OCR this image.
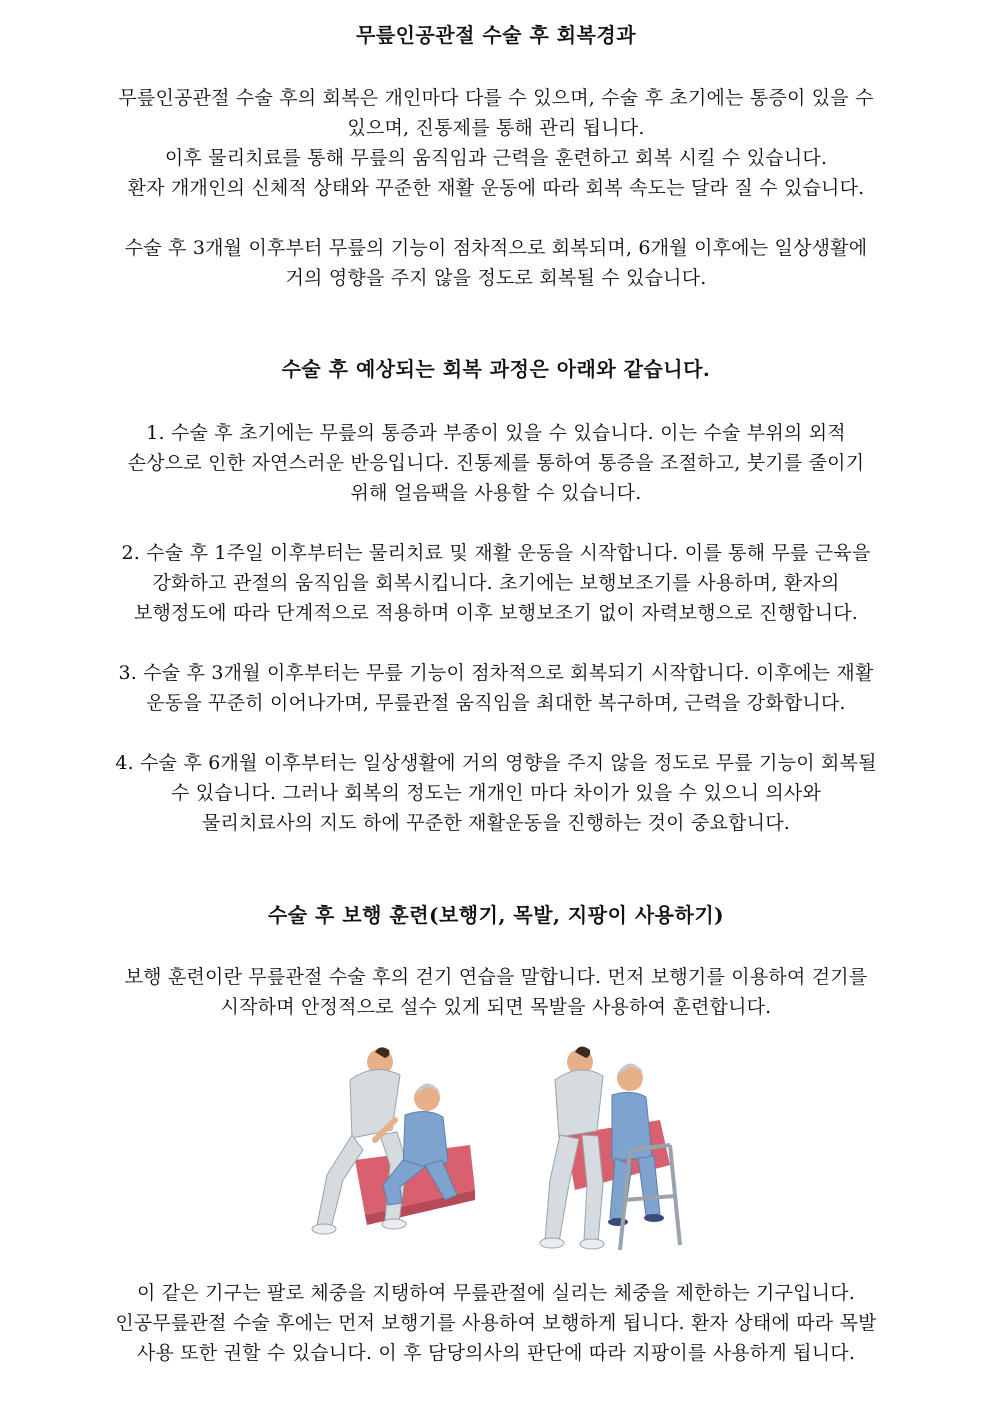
무릎인공관절 수술 후 회복경과
무릎인공관절 수술 후의 회복은 개인마다 다를 수 있으며, 수술 후 초기에는 통증이 있을 수
있으며, 진통제를 통해 관리 됩니다.
이후 물리치료를 통해 무릎의 움직임과 근력을 훈련하고 회복 시킬 수 있습니다.
환자 개개인의 신체적 상태와 꾸준한 재활 운동에 따라 회복 속도는 달라 질 수 있습니다.
수술 후 3개월 이후부터 무릎의 기능이 점차적으로 회복되며, 6개월 이후에는 일상생활에
거의 영향을 주지 않을 정도로 회복될 수 있습니다.
수술 후 예상되는 회복 과정은 아래와 같습니다.
1. 수술 후 초기에는 무릎의 통증과 부종이 있을 수 있습니다. 이는 수술 부위의 외적
손상으로 인한 자연스러운 반응입니다. 진통제를 통하여 통증을 조절하고, 붓기를 줄이기
위해 얼음팩을 사용할 수 있습니다.
2. 수술 후 1주일 이후부터는 물리치료 및 재활 운동을 시작합니다. 이를 통해 무릎 근육을
강화하고 관절의 움직임을 회복시킵니다. 초기에는 보행보조기를 사용하며, 환자의
보행정도에 따라 단계적으로 적용하며 이후 보행보조기 없이 자력보행으로 진행합니다.
3. 수술 후 3개월 이후부터는 무릎 기능이 점차적으로 회복되기 시작합니다. 이후에는 재활
운동을 꾸준히 이어나가며, 무릎관절 움직임을 최대한 복구하며, 근력을 강화합니다.
4. 수술 후 6개월 이후부터는 일상생활에 거의 영향을 주지 않을 정도로 무릎 기능이 회복될
수 있습니다. 그러나 회복의 정도는 개개인 마다 차이가 있을 수 있으니 의사와
물리치료사의 지도 하에 꾸준한 재활운동을 진행하는 것이 중요합니다.
수술 후 보행 훈련(보행기, 목발, 지팡이 사용하기)
보행 훈련이란 무릎관절 수술 후의 걷기 연습을 말합니다. 먼저 보행기를 이용하여 걷기를
시작하며 안정적으로 설수 있게 되면 목발을 사용하여 훈련합니다.
이 같은 기구는 팔로 체중을 지탱하여 무릎관절에 실리는 체중을 제한하는 기구입니다.
인공무릎관절 수술 후에는 먼저 보행기를 사용하여 보행하게 됩니다. 환자 상태에 따라 목발
사용 또한 권할 수 있습니다. 이 후 담당의사의 판단에 따라 지팡이를 사용하게 됩니다.
